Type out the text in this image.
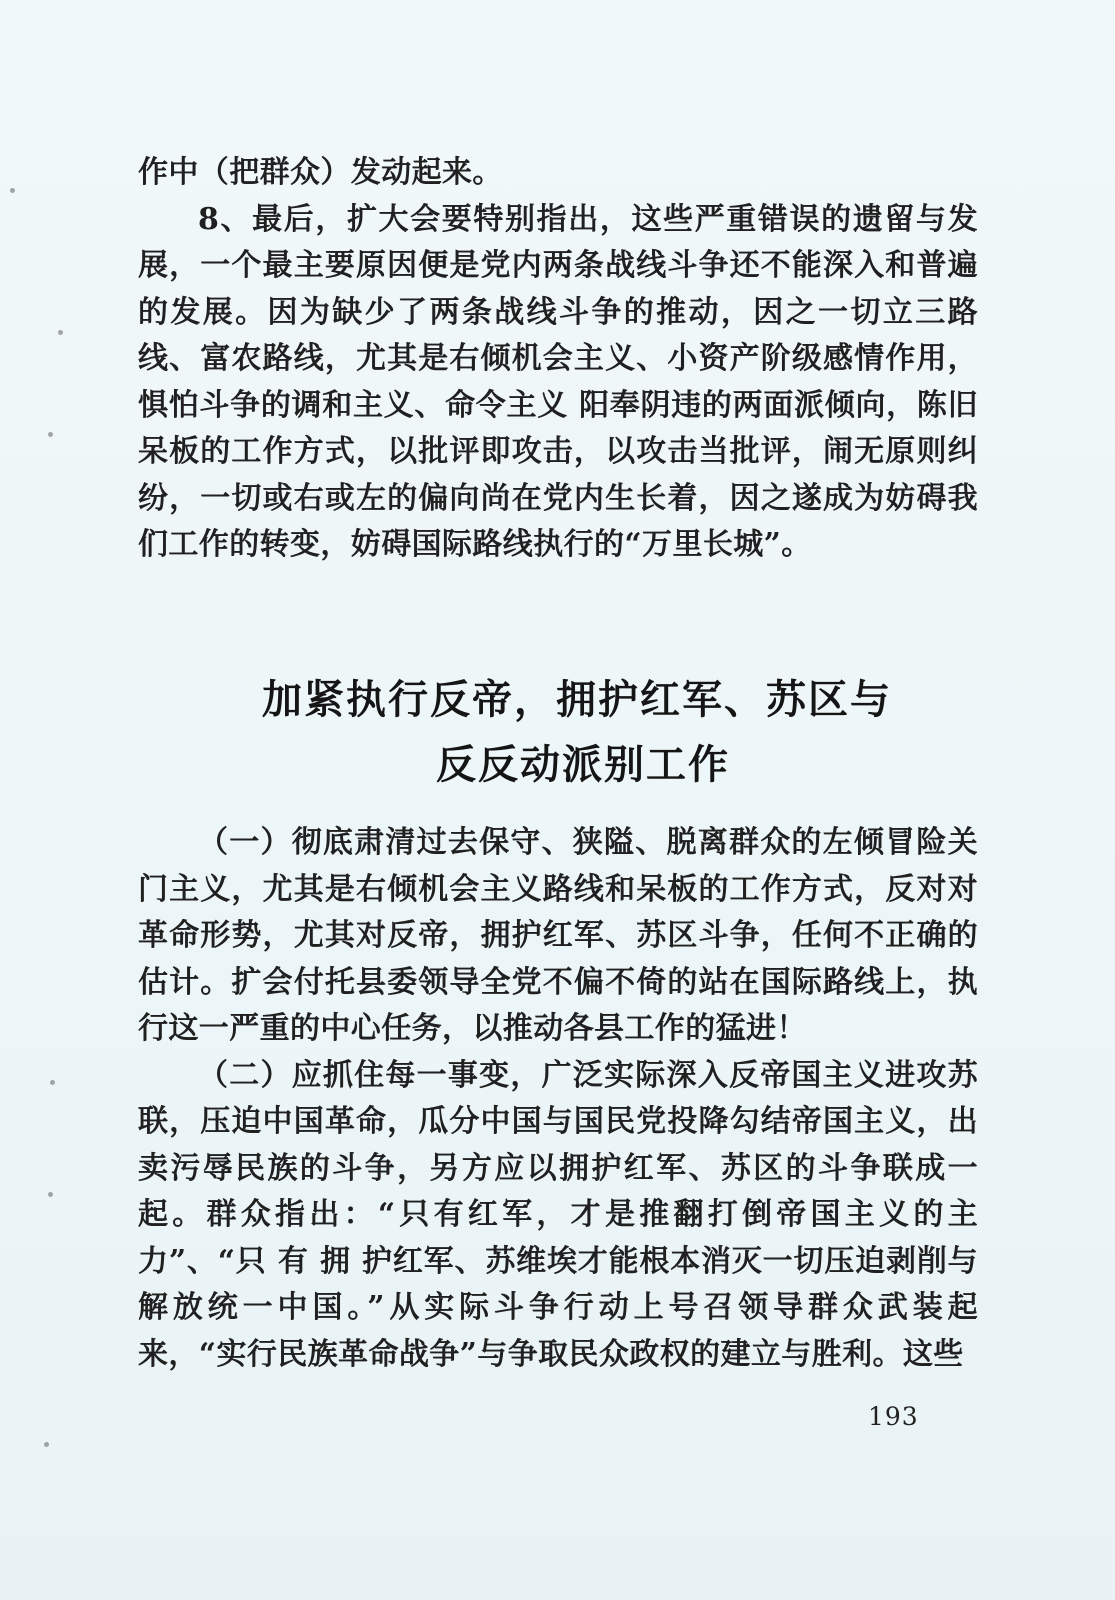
作中（把群众）发动起来。

8、最后，扩大会要特别指出，这些严重错误的遗留与发展，一个最主要原因便是党内两条战线斗争还不能深入和普遍的发展。因为缺少了两条战线斗争的推动，因之一切立三路线、富农路线，尤其是右倾机会主义、小资产阶级感情作用，惧怕斗争的调和主义、命令主义 阳奉阴违的两面派倾向，陈旧呆板的工作方式，以批评即攻击，以攻击当批评，闹无原则纠纷，一切或右或左的偏向尚在党内生长着，因之遂成为妨碍我们工作的转变，妨碍国际路线执行的“万里长城”。

加紧执行反帝，拥护红军、苏区与
反反动派别工作

（一）彻底肃清过去保守、狭隘、脱离群众的左倾冒险关门主义，尤其是右倾机会主义路线和呆板的工作方式，反对对革命形势，尤其对反帝，拥护红军、苏区斗争，任何不正确的估计。扩会付托县委领导全党不偏不倚的站在国际路线上，执行这一严重的中心任务，以推动各县工作的猛进！

（二）应抓住每一事变，广泛实际深入反帝国主义进攻苏联，压迫中国革命，瓜分中国与国民党投降勾结帝国主义，出卖污辱民族的斗争，另方应以拥护红军、苏区的斗争联成一起。群众指出：“只有红军，才是推翻打倒帝国主义的主力”、“只 有 拥 护红军、苏维埃才能根本消灭一切压迫剥削与解放统一中国。”从实际斗争行动上号召领导群众武装起来，“实行民族革命战争”与争取民众政权的建立与胜利。这些

193
